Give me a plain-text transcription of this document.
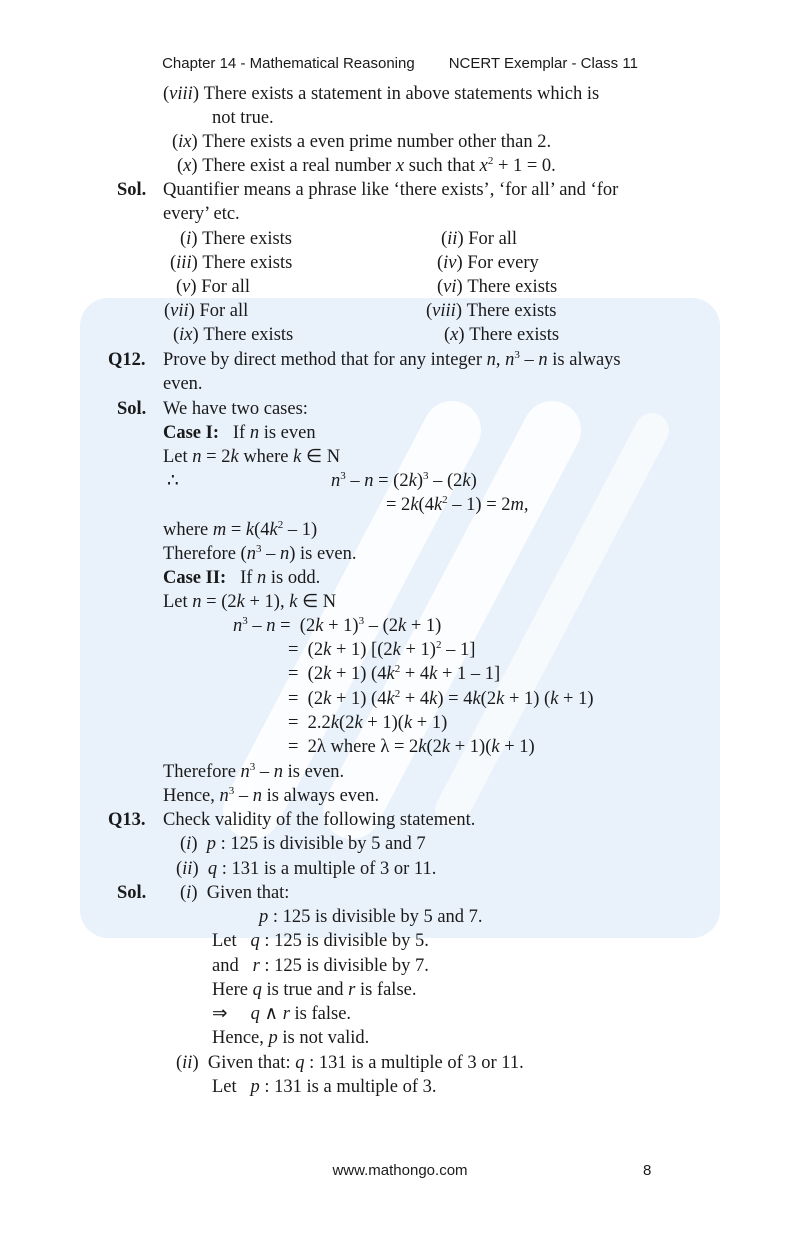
Chapter 14 - Mathematical Reasoning NCERT Exemplar - Class 11
(viii) There exists a statement in above statements which is
not true.
(ix) There exists a even prime number other than 2.
(x) There exist a real number x such that $x^2 + 1 = 0$.
Sol. Quantifier means a phrase like ‘there exists’, ‘for all’ and ‘for
every’ etc.
(i) There exists	(ii) For all
(iii) There exists	(iv) For every
(v) For all	(vi) There exists
(vii) For all	(viii) There exists
(ix) There exists	(x) There exists
Q12. Prove by direct method that for any integer n, $n^3$ – n is always
even.
Sol. We have two cases:
Case I:   If n is even
Let n = 2k where k ∈ N
∴	$n^3 - n = (2k)^3 - (2k)$
= $2k(4k^2 - 1) = 2m$,
where $m = k(4k^2 - 1)$
Therefore $(n^3 - n)$ is even.
Case II:   If n is odd.
Let n = (2k + 1), k ∈ N
$n^3 - n = (2k + 1)^3 - (2k + 1)$
=  (2k + 1) $[(2k + 1)^2 - 1]$
=  (2k + 1) $(4k^2 + 4k + 1 - 1]$
=  (2k + 1) $(4k^2 + 4k) = 4k(2k + 1) (k + 1)$
=  2.2k(2k + 1)(k + 1)
=  2λ where λ = 2k(2k + 1)(k + 1)
Therefore $n^3$ – n is even.
Hence, $n^3$ – n is always even.
Q13. Check validity of the following statement.
(i)  p : 125 is divisible by 5 and 7
(ii)  q : 131 is a multiple of 3 or 11.
Sol. (i)  Given that:
p : 125 is divisible by 5 and 7.
Let q : 125 is divisible by 5.
and r : 125 is divisible by 7.
Here q is true and r is false.
⇒ q ∧ r is false.
Hence, p is not valid.
(ii)  Given that: q : 131 is a multiple of 3 or 11.
Let p : 131 is a multiple of 3.
www.mathongo.com	8
